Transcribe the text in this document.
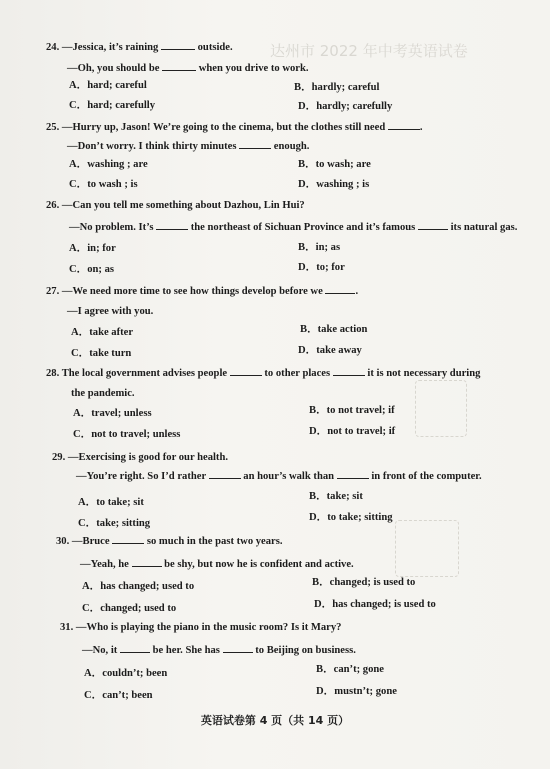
达州市 2022 年中考英语试卷
24. —Jessica, it’s raining	outside.
—Oh, you should be	when you drive to work.
A．hard; careful	B．hardly; careful
C．hard; carefully	D．hardly; carefully
25. —Hurry up, Jason! We’re going to the cinema, but the clothes still need	.
—Don’t worry. I think thirty minutes	enough.
A．washing ; are	B．to wash; are
C．to wash ; is	D．washing ; is
26. —Can you tell me something about Dazhou, Lin Hui?
—No problem. It’s	the northeast of Sichuan Province and it’s famous	its natural gas.
A．in; for	B．in; as
C．on; as	D．to; for
27. —We need more time to see how things develop before we	.
—I agree with you.
A．take after	B．take action
C．take turn	D．take away
28. The local government advises people	to other places	it is not necessary during
the pandemic.
A．travel; unless	B．to not travel; if
C．not to travel; unless	D．not to travel; if
29. —Exercising is good for our health.
—You’re right. So I’d rather	an hour’s walk than	in front of the computer.
A．to take; sit
B．take; sit
C．take; sitting
D．to take; sitting
30. —Bruce	so much in the past two years.
—Yeah, he	be shy, but now he is confident and active.
A．has changed; used to	B．changed; is used to
C．changed; used to	D．has changed; is used to
31. —Who is playing the piano in the music room? Is it Mary?
—No, it	be her. She has	to Beijing on business.
A．couldn’t; been	B．can’t; gone
C．can’t; been	D．mustn’t; gone
英语试卷第 4 页（共 14 页）
